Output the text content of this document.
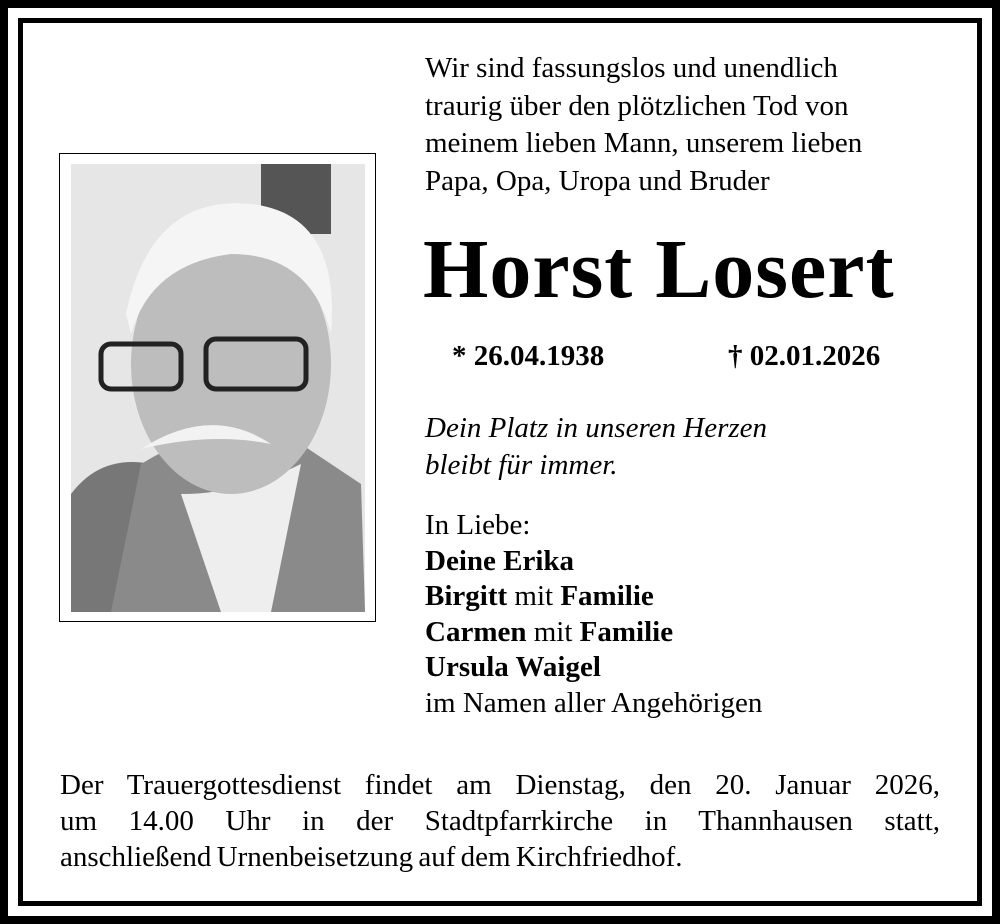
Wir sind fassungslos und unendlich
traurig über den plötzlichen Tod von
meinem lieben Mann, unserem lieben
Papa, Opa, Uropa und Bruder
Horst Losert
* 26.04.1938	† 02.01.2026
Dein Platz in unseren Herzen
bleibt für immer.
In Liebe:
Deine Erika
Birgitt mit Familie
Carmen mit Familie
Ursula Waigel
im Namen aller Angehörigen
Der Trauergottesdienst findet am Dienstag, den 20. Januar 2026,
um 14.00 Uhr in der Stadtpfarrkirche in Thannhausen statt,
anschließend Urnenbeisetzung auf dem Kirchfriedhof.
